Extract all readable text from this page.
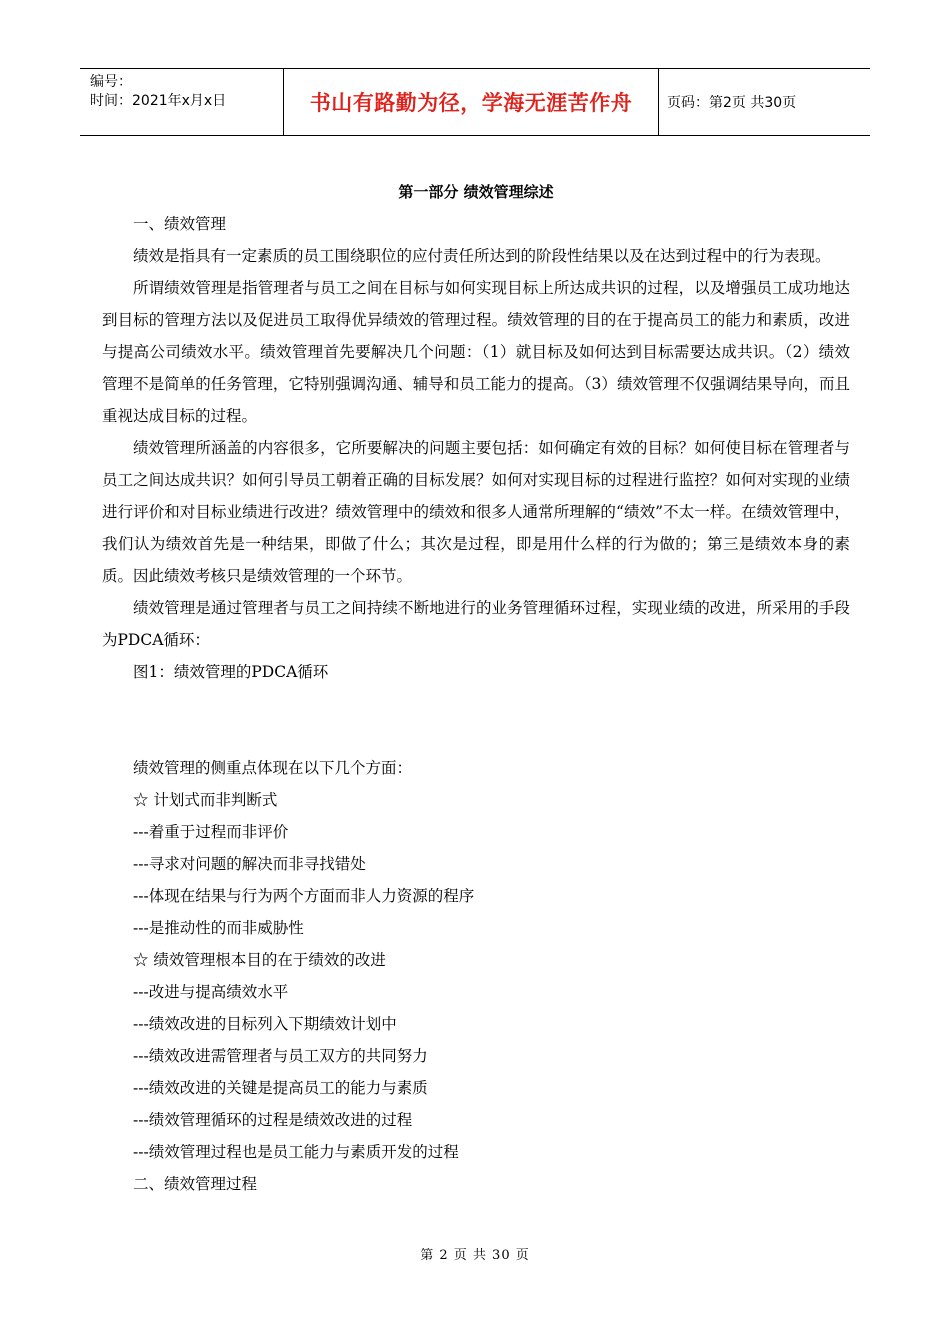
编号：
时间：2021年x月x日	书山有路勤为径，学海无涯苦作舟	页码：第2页 共30页
第一部分 绩效管理综述
一、绩效管理
绩效是指具有一定素质的员工围绕职位的应付责任所达到的阶段性结果以及在达到过程中的行为表现。
所谓绩效管理是指管理者与员工之间在目标与如何实现目标上所达成共识的过程，以及增强员工成功地达到目标的管理方法以及促进员工取得优异绩效的管理过程。绩效管理的目的在于提高员工的能力和素质，改进与提高公司绩效水平。绩效管理首先要解决几个问题：（1）就目标及如何达到目标需要达成共识。（2）绩效管理不是简单的任务管理，它特别强调沟通、辅导和员工能力的提高。（3）绩效管理不仅强调结果导向，而且重视达成目标的过程。
绩效管理所涵盖的内容很多，它所要解决的问题主要包括：如何确定有效的目标？如何使目标在管理者与员工之间达成共识？如何引导员工朝着正确的目标发展？如何对实现目标的过程进行监控？如何对实现的业绩进行评价和对目标业绩进行改进？绩效管理中的绩效和很多人通常所理解的“绩效”不太一样。在绩效管理中，我们认为绩效首先是一种结果，即做了什么；其次是过程，即是用什么样的行为做的；第三是绩效本身的素质。因此绩效考核只是绩效管理的一个环节。
绩效管理是通过管理者与员工之间持续不断地进行的业务管理循环过程，实现业绩的改进，所采用的手段为PDCA循环：
图1：绩效管理的PDCA循环
绩效管理的侧重点体现在以下几个方面：
☆ 计划式而非判断式
---着重于过程而非评价
---寻求对问题的解决而非寻找错处
---体现在结果与行为两个方面而非人力资源的程序
---是推动性的而非威胁性
☆ 绩效管理根本目的在于绩效的改进
---改进与提高绩效水平
---绩效改进的目标列入下期绩效计划中
---绩效改进需管理者与员工双方的共同努力
---绩效改进的关键是提高员工的能力与素质
---绩效管理循环的过程是绩效改进的过程
---绩效管理过程也是员工能力与素质开发的过程
二、绩效管理过程
第 2 页 共 30 页
